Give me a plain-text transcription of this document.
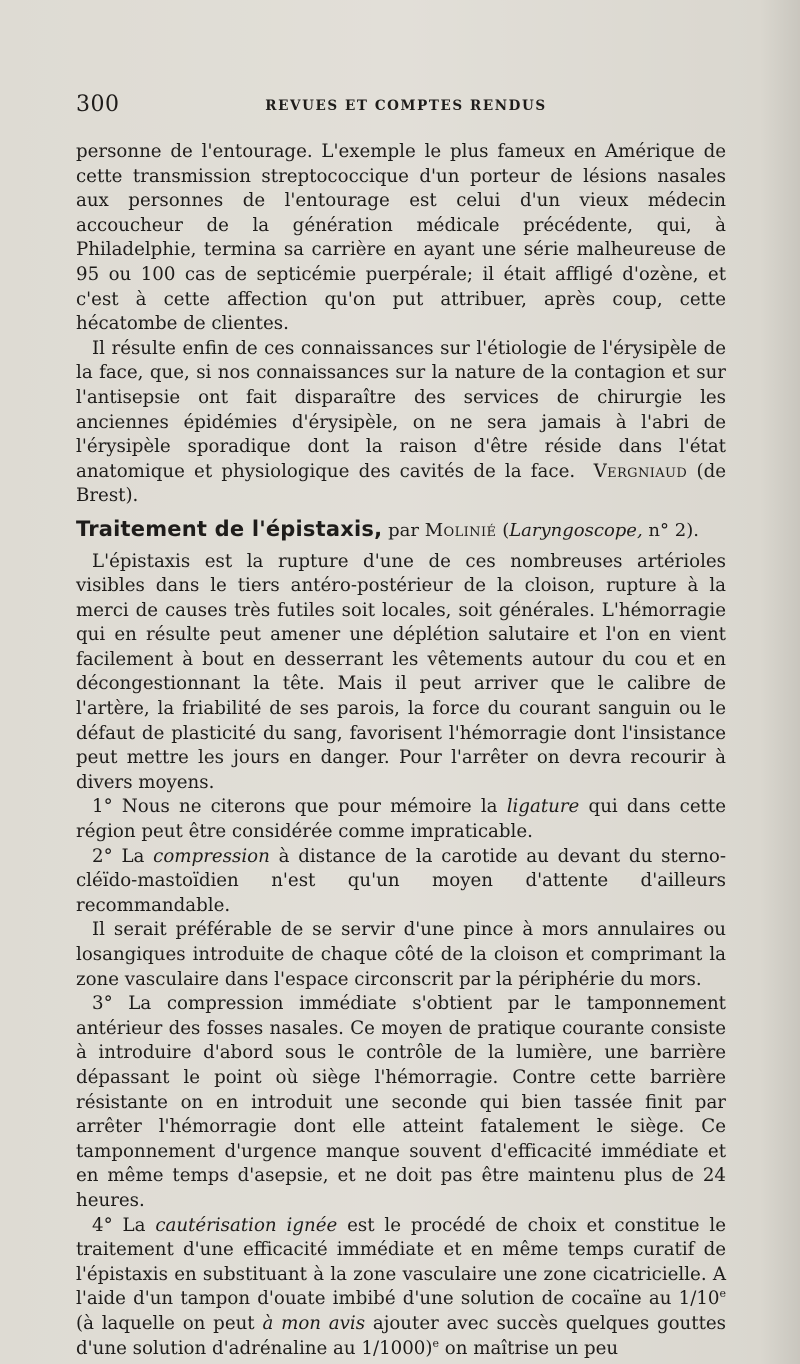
300	REVUES ET COMPTES RENDUS

personne de l'entourage. L'exemple le plus fameux en Amérique de cette transmission streptococcique d'un porteur de lésions nasales aux personnes de l'entourage est celui d'un vieux médecin accoucheur de la génération médicale précédente, qui, à Philadelphie, termina sa carrière en ayant une série malheureuse de 95 ou 100 cas de septicémie puerpérale; il était affligé d'ozène, et c'est à cette affection qu'on put attribuer, après coup, cette hécatombe de clientes.

Il résulte enfin de ces connaissances sur l'étiologie de l'érysipèle de la face, que, si nos connaissances sur la nature de la contagion et sur l'antisepsie ont fait disparaître des services de chirurgie les anciennes épidémies d'érysipèle, on ne sera jamais à l'abri de l'érysipèle sporadique dont la raison d'être réside dans l'état anatomique et physiologique des cavités de la face. Vergniaud (de Brest).

Traitement de l'épistaxis, par Molinié (Laryngoscope, n° 2).

L'épistaxis est la rupture d'une de ces nombreuses artérioles visibles dans le tiers antéro-postérieur de la cloison, rupture à la merci de causes très futiles soit locales, soit générales. L'hémorragie qui en résulte peut amener une déplétion salutaire et l'on en vient facilement à bout en desserrant les vêtements autour du cou et en décongestionnant la tête. Mais il peut arriver que le calibre de l'artère, la friabilité de ses parois, la force du courant sanguin ou le défaut de plasticité du sang, favorisent l'hémorragie dont l'insistance peut mettre les jours en danger. Pour l'arrêter on devra recourir à divers moyens.

1° Nous ne citerons que pour mémoire la ligature qui dans cette région peut être considérée comme impraticable.

2° La compression à distance de la carotide au devant du sterno-cléïdo-mastoïdien n'est qu'un moyen d'attente d'ailleurs recommandable.

Il serait préférable de se servir d'une pince à mors annulaires ou losangiques introduite de chaque côté de la cloison et comprimant la zone vasculaire dans l'espace circonscrit par la périphérie du mors.

3° La compression immédiate s'obtient par le tamponnement antérieur des fosses nasales. Ce moyen de pratique courante consiste à introduire d'abord sous le contrôle de la lumière, une barrière dépassant le point où siège l'hémorragie. Contre cette barrière résistante on en introduit une seconde qui bien tassée finit par arrêter l'hémorragie dont elle atteint fatalement le siège. Ce tamponnement d'urgence manque souvent d'efficacité immédiate et en même temps d'asepsie, et ne doit pas être maintenu plus de 24 heures.

4° La cautérisation ignée est le procédé de choix et constitue le traitement d'une efficacité immédiate et en même temps curatif de l'épistaxis en substituant à la zone vasculaire une zone cicatricielle. A l'aide d'un tampon d'ouate imbibé d'une solution de cocaïne au 1/10e (à laquelle on peut à mon avis ajouter avec succès quelques gouttes d'une solution d'adrénaline au 1/1000)$^e$ on maîtrise un peu
